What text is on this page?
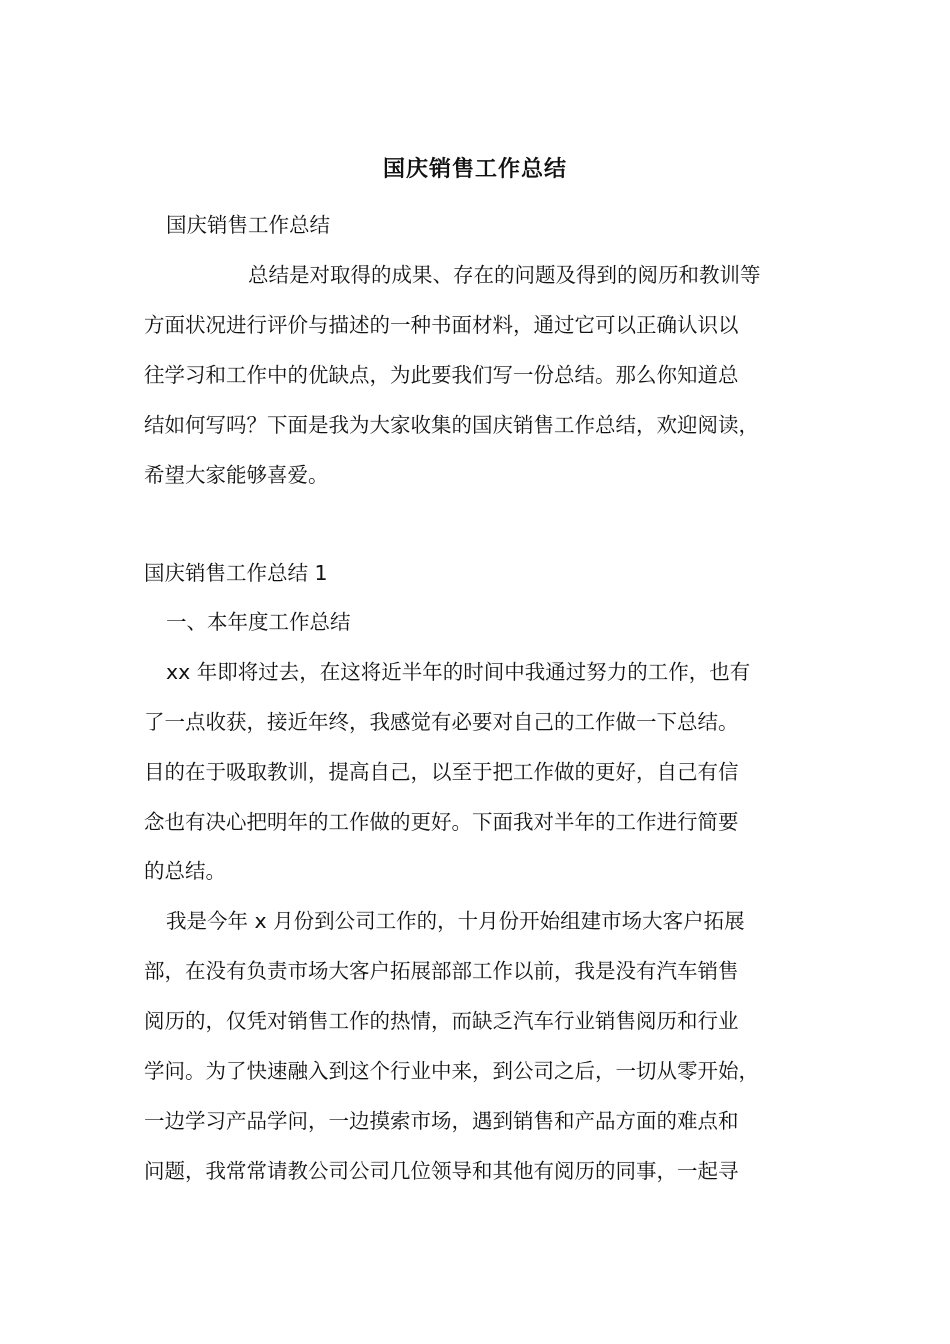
国庆销售工作总结
国庆销售工作总结
总结是对取得的成果、存在的问题及得到的阅历和教训等
方面状况进行评价与描述的一种书面材料，通过它可以正确认识以
往学习和工作中的优缺点，为此要我们写一份总结。那么你知道总
结如何写吗？下面是我为大家收集的国庆销售工作总结，欢迎阅读，
希望大家能够喜爱。
国庆销售工作总结 1
一、本年度工作总结
xx 年即将过去，在这将近半年的时间中我通过努力的工作，也有
了一点收获，接近年终，我感觉有必要对自己的工作做一下总结。
目的在于吸取教训，提高自己，以至于把工作做的更好，自己有信
念也有决心把明年的工作做的更好。下面我对半年的工作进行简要
的总结。
我是今年 x 月份到公司工作的，十月份开始组建市场大客户拓展
部，在没有负责市场大客户拓展部部工作以前，我是没有汽车销售
阅历的，仅凭对销售工作的热情，而缺乏汽车行业销售阅历和行业
学问。为了快速融入到这个行业中来，到公司之后，一切从零开始，
一边学习产品学问，一边摸索市场，遇到销售和产品方面的难点和
问题，我常常请教公司公司几位领导和其他有阅历的同事，一起寻
